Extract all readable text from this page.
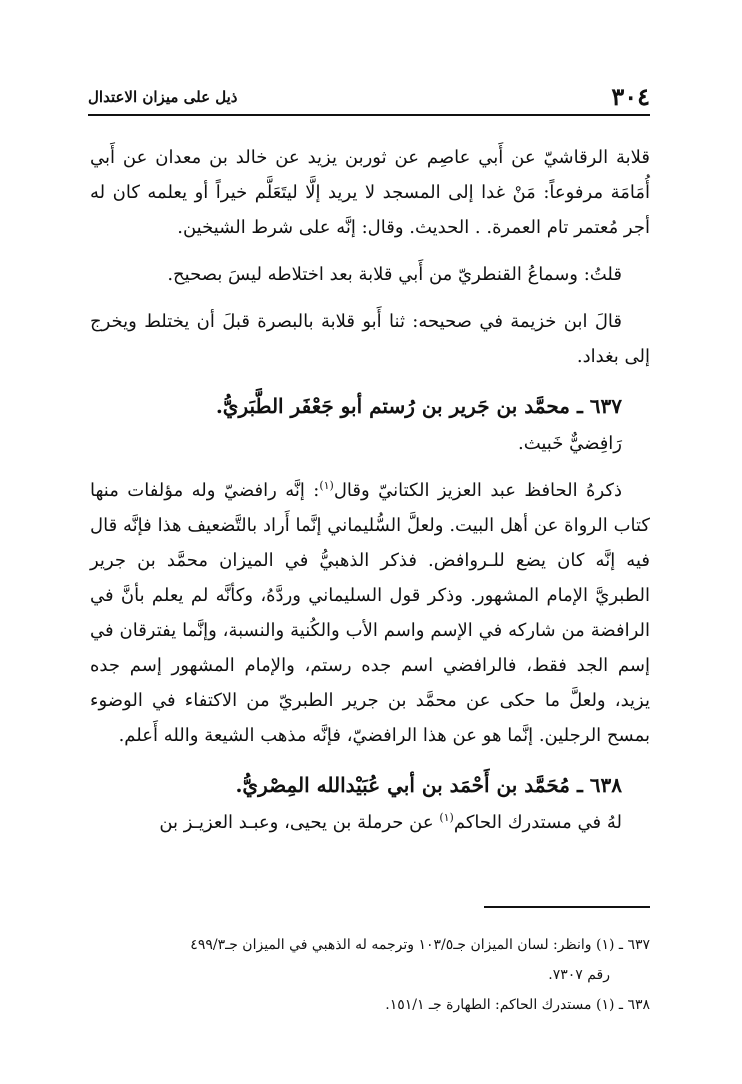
٣٠٤
ذيل على ميزان الاعتدال

قلابة الرقاشيّ عن أَبي عاصِم عن ثوربن يزيد عن خالد بن معدان عن أَبي أُمَامَة مرفوعاً: مَنْ غدا إلى المسجد لا يريد إلَّا ليتَعَلَّم خيراً أو يعلمه كان له أجر مُعتمر تام العمرة. . الحديث. وقال: إنَّه على شرط الشيخين.

قلتُ: وسماعُ القنطريّ من أَبي قلابة بعد اختلاطه ليسَ بصحيح.

قالَ ابن خزيمة في صحيحه: ثنا أَبو قلابة بالبصرة قبلَ أن يختلط ويخرج إلى بغداد.

٦٣٧ ـ محمَّد بن جَرير بن رُستم أبو جَعْفَر الطَّبَريُّ.

رَافِضيٌّ خَبيث.

ذكرهُ الحافظ عبد العزيز الكتانيّ وقال$^{(١)}$: إنَّه رافضيّ وله مؤلفات منها كتاب الرواة عن أهل البيت. ولعلَّ السُّليماني إنَّما أَراد بالتَّضعيف هذا فإنَّه قال فيه إنَّه كان يضع للـروافض. فذكر الذهبيُّ في الميزان محمَّد بن جرير الطبريَّ الإمام المشهور. وذكر قول السليماني وردَّهُ، وكأنَّه لم يعلم بأنَّ في الرافضة من شاركه في الإسم واسم الأب والكُنية والنسبة، وإنَّما يفترقان في إسم الجد فقط، فالرافضي اسم جده رستم، والإمام المشهور إسم جده يزيد، ولعلَّ ما حكى عن محمَّد بن جرير الطبريّ من الاكتفاء في الوضوء بمسح الرجلين. إنَّما هو عن هذا الرافضيّ، فإنَّه مذهب الشيعة والله أَعلم.

٦٣٨ ـ مُحَمَّد بن أَحْمَد بن أبي عُبَيْدالله المِصْريُّ.

لهُ في مستدرك الحاكم$^{(١)}$ عن حرملة بن يحيى، وعبـد العزيـز بن

٦٣٧ ـ (١) وانظر: لسان الميزان جـ١٠٣/٥ وترجمه له الذهبي في الميزان جـ٤٩٩/٣

رقم ٧٣٠٧.

٦٣٨ ـ (١) مستدرك الحاكم: الطهارة جـ ١٥١/١.
